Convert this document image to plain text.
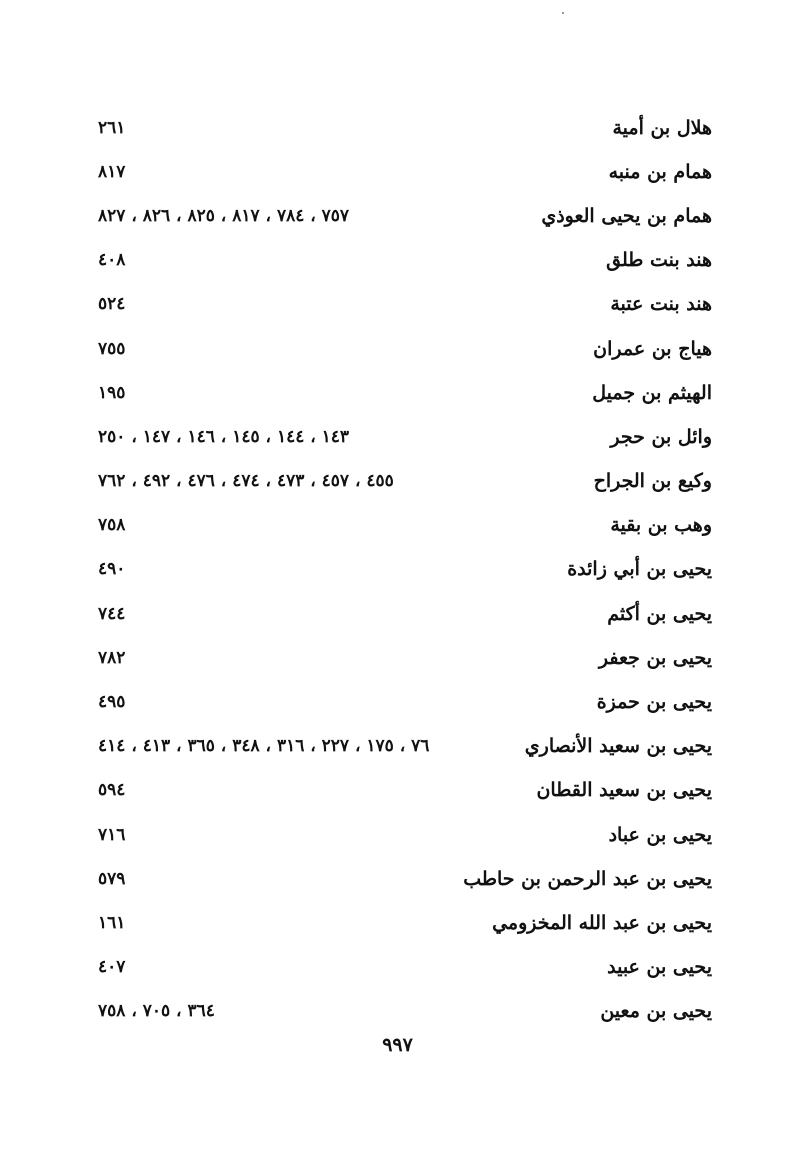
هلال بن أمية
٢٦١
همام بن منبه
٨١٧
همام بن يحيى العوذي
٧٥٧ ، ٧٨٤ ، ٨١٧ ، ٨٢٥ ، ٨٢٦ ، ٨٢٧
هند بنت طلق
٤٠٨
هند بنت عتبة
٥٢٤
هياج بن عمران
٧٥٥
الهيثم بن جميل
١٩٥
وائل بن حجر
١٤٣ ، ١٤٤ ، ١٤٥ ، ١٤٦ ، ١٤٧ ، ٢٥٠
وكيع بن الجراح
٤٥٥ ، ٤٥٧ ، ٤٧٣ ، ٤٧٤ ، ٤٧٦ ، ٤٩٢ ، ٧٦٢
وهب بن بقية
٧٥٨
يحيى بن أبي زائدة
٤٩٠
يحيى بن أكثم
٧٤٤
يحيى بن جعفر
٧٨٢
يحيى بن حمزة
٤٩٥
يحيى بن سعيد الأنصاري
٧٦ ، ١٧٥ ، ٢٢٧ ، ٣١٦ ، ٣٤٨ ، ٣٦٥ ، ٤١٣ ، ٤١٤
يحيى بن سعيد القطان
٥٩٤
يحيى بن عباد
٧١٦
يحيى بن عبد الرحمن بن حاطب
٥٧٩
يحيى بن عبد الله المخزومي
١٦١
يحيى بن عبيد
٤٠٧
يحيى بن معين
٣٦٤ ، ٧٠٥ ، ٧٥٨
٩٩٧
